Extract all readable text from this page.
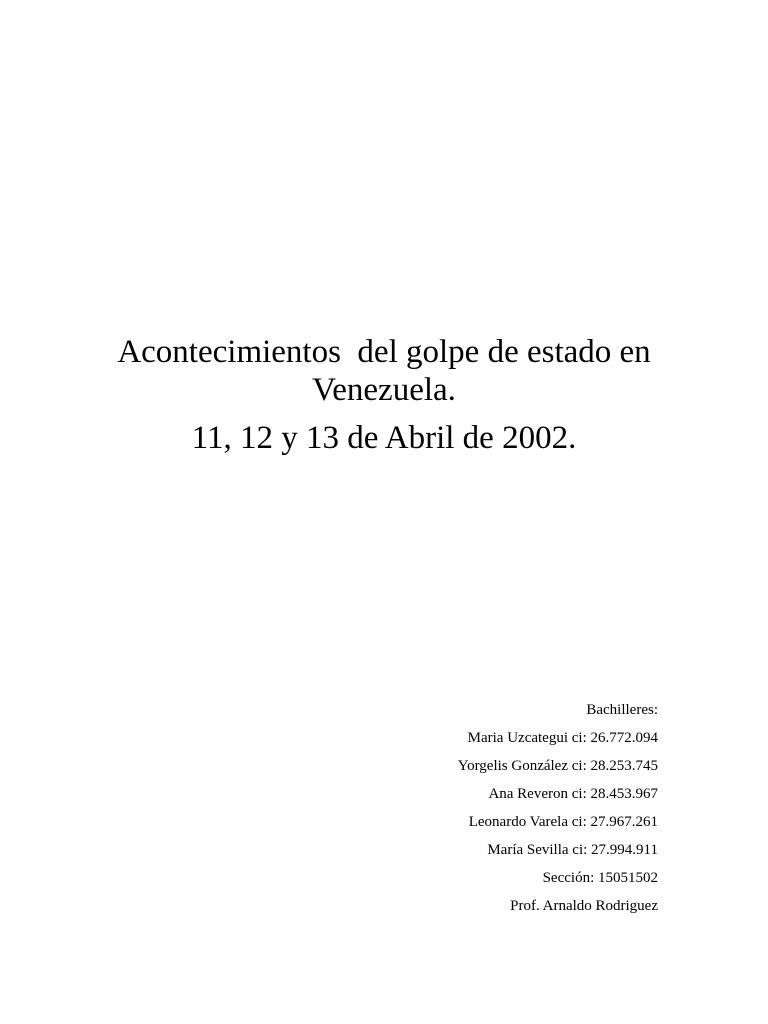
Acontecimientos  del golpe de estado en
Venezuela.
11, 12 y 13 de Abril de 2002.
Bachilleres:
Maria Uzcategui ci: 26.772.094
Yorgelis González ci: 28.253.745
Ana Reveron ci: 28.453.967
Leonardo Varela ci: 27.967.261
María Sevilla ci: 27.994.911
Sección: 15051502
Prof. Arnaldo Rodriguez
